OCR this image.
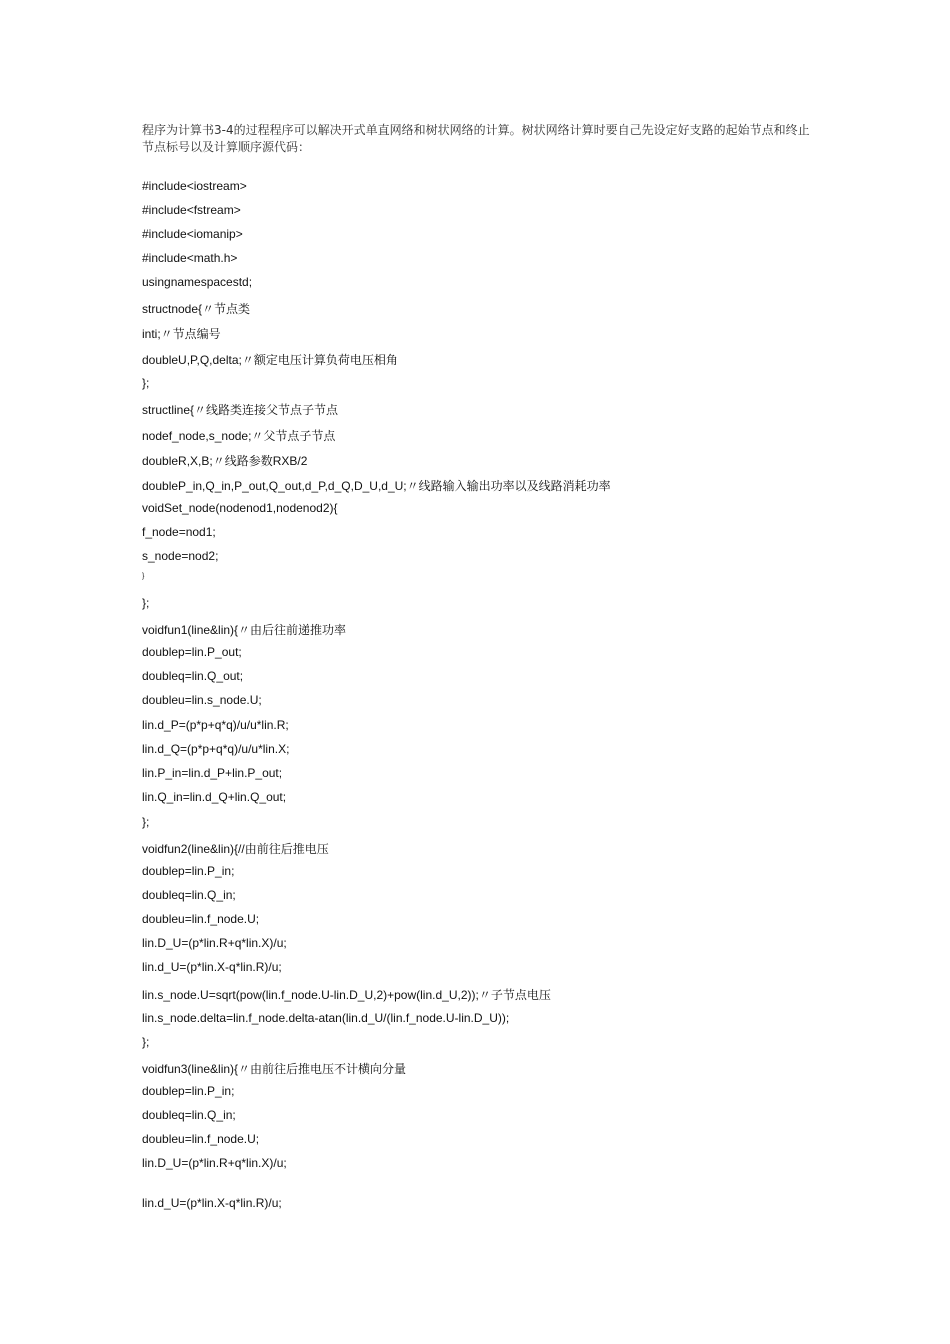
程序为计算书3-4的过程程序可以解决开式单直网络和树状网络的计算。树状网络计算时要自己先设定好支路的起始节点和终止节点标号以及计算顺序源代码：

#include<iostream>
#include<fstream>
#include<iomanip>
#include<math.h>
usingnamespacestd;
structnode{〃节点类
inti;〃节点编号
doubleU,P,Q,delta;〃额定电压计算负荷电压相角
};
structline{〃线路类连接父节点子节点
nodef_node,s_node;〃父节点子节点
doubleR,X,B;〃线路参数RXB/2
doubleP_in,Q_in,P_out,Q_out,d_P,d_Q,D_U,d_U;〃线路输入输出功率以及线路消耗功率
voidSet_node(nodenod1,nodenod2){
f_node=nod1;
s_node=nod2;
}
};
voidfun1(line&lin){〃由后往前递推功率
doublep=lin.P_out;
doubleq=lin.Q_out;
doubleu=lin.s_node.U;
lin.d_P=(p*p+q*q)/u/u*lin.R;
lin.d_Q=(p*p+q*q)/u/u*lin.X;
lin.P_in=lin.d_P+lin.P_out;
lin.Q_in=lin.d_Q+lin.Q_out;
};
voidfun2(line&lin){//由前往后推电压
doublep=lin.P_in;
doubleq=lin.Q_in;
doubleu=lin.f_node.U;
lin.D_U=(p*lin.R+q*lin.X)/u;
lin.d_U=(p*lin.X-q*lin.R)/u;
lin.s_node.U=sqrt(pow(lin.f_node.U-lin.D_U,2)+pow(lin.d_U,2));〃子节点电压
lin.s_node.delta=lin.f_node.delta-atan(lin.d_U/(lin.f_node.U-lin.D_U));
};
voidfun3(line&lin){〃由前往后推电压不计横向分量
doublep=lin.P_in;
doubleq=lin.Q_in;
doubleu=lin.f_node.U;
lin.D_U=(p*lin.R+q*lin.X)/u;
lin.d_U=(p*lin.X-q*lin.R)/u;
